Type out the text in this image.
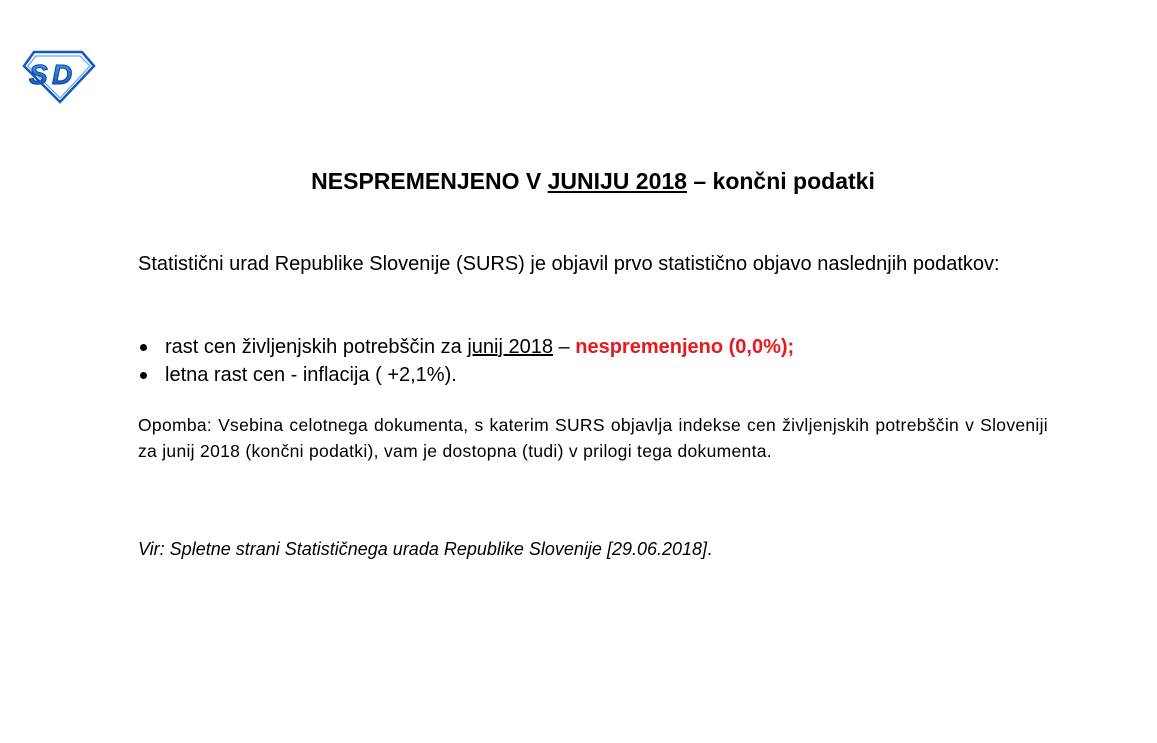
S D
NESPREMENJENO V JUNIJU 2018 – končni podatki
Statistični urad Republike Slovenije (SURS) je objavil prvo statistično objavo naslednjih podatkov:
rast cen življenjskih potrebščin za junij 2018 – nespremenjeno (0,0%);
letna rast cen - inflacija ( +2,1%).
Opomba: Vsebina celotnega dokumenta, s katerim SURS objavlja indekse cen življenjskih potrebščin v Sloveniji za junij 2018 (končni podatki), vam je dostopna (tudi) v prilogi tega dokumenta.
Vir: Spletne strani Statističnega urada Republike Slovenije [29.06.2018].
